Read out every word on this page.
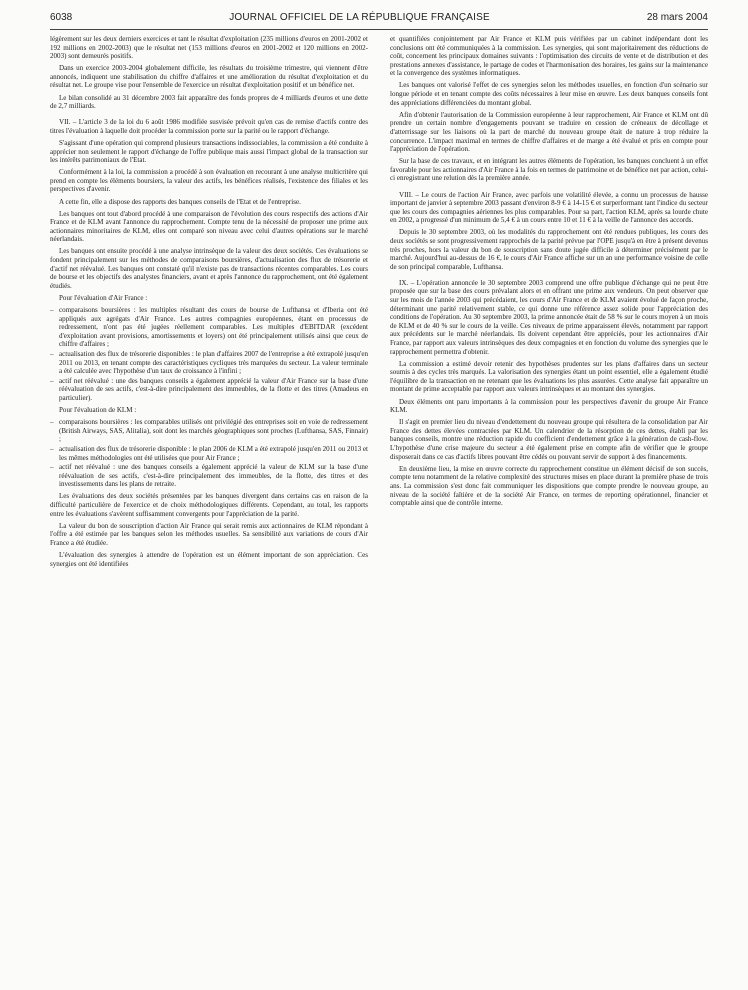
6038	JOURNAL OFFICIEL DE LA RÉPUBLIQUE FRANÇAISE	28 mars 2004

légèrement sur les deux derniers exercices et tant le résultat d'exploitation (235 millions d'euros en 2001-2002 et 192 millions en 2002-2003) que le résultat net (153 millions d'euros en 2001-2002 et 120 millions en 2002-2003) sont demeurés positifs.

Dans un exercice 2003-2004 globalement difficile, les résultats du troisième trimestre, qui viennent d'être annoncés, indiquent une stabilisation du chiffre d'affaires et une amélioration du résultat d'exploitation et du résultat net. Le groupe vise pour l'ensemble de l'exercice un résultat d'exploitation positif et un bénéfice net.

Le bilan consolidé au 31 décembre 2003 fait apparaître des fonds propres de 4 milliards d'euros et une dette de 2,7 milliards.

VII. – L'article 3 de la loi du 6 août 1986 modifiée susvisée prévoit qu'en cas de remise d'actifs contre des titres l'évaluation à laquelle doit procéder la commission porte sur la parité ou le rapport d'échange.

S'agissant d'une opération qui comprend plusieurs transactions indissociables, la commission a été conduite à apprécier non seulement le rapport d'échange de l'offre publique mais aussi l'impact global de la transaction sur les intérêts patrimoniaux de l'Etat.

Conformément à la loi, la commission a procédé à son évaluation en recourant à une analyse multicritère qui prend en compte les éléments boursiers, la valeur des actifs, les bénéfices réalisés, l'existence des filiales et les perspectives d'avenir.

A cette fin, elle a dispose des rapports des banques conseils de l'Etat et de l'entreprise.

Les banques ont tout d'abord procédé à une comparaison de l'évolution des cours respectifs des actions d'Air France et de KLM avant l'annonce du rapprochement. Compte tenu de la nécessité de proposer une prime aux actionnaires minoritaires de KLM, elles ont comparé son niveau avec celui d'autres opérations sur le marché néerlandais.

Les banques ont ensuite procédé à une analyse intrinsèque de la valeur des deux sociétés. Ces évaluations se fondent principalement sur les méthodes de comparaisons boursières, d'actualisation des flux de trésorerie et d'actif net réévalué. Les banques ont constaté qu'il n'existe pas de transactions récentes comparables. Les cours de bourse et les objectifs des analystes financiers, avant et après l'annonce du rapprochement, ont été également étudiés.

Pour l'évaluation d'Air France :

– comparaisons boursières : les multiples résultant des cours de bourse de Lufthansa et d'Iberia ont été appliqués aux agrégats d'Air France. Les autres compagnies européennes, étant en processus de redressement, n'ont pas été jugées réellement comparables. Les multiples d'EBITDAR (excédent d'exploitation avant provisions, amortissements et loyers) ont été principalement utilisés ainsi que ceux de chiffre d'affaires ;
– actualisation des flux de trésorerie disponibles : le plan d'affaires 2007 de l'entreprise a été extrapolé jusqu'en 2011 ou 2013, en tenant compte des caractéristiques cycliques très marquées du secteur. La valeur terminale a été calculée avec l'hypothèse d'un taux de croissance à l'infini ;
– actif net réévalué : une des banques conseils a également apprécié la valeur d'Air France sur la base d'une réévaluation de ses actifs, c'est-à-dire principalement des immeubles, de la flotte et des titres (Amadeus en particulier).

Pour l'évaluation de KLM :

– comparaisons boursières : les comparables utilisés ont privilégié des entreprises soit en voie de redressement (British Airways, SAS, Alitalia), soit dont les marchés géographiques sont proches (Lufthansa, SAS, Finnair) ;
– actualisation des flux de trésorerie disponible : le plan 2006 de KLM a été extrapolé jusqu'en 2011 ou 2013 et les mêmes méthodologies ont été utilisées que pour Air France ;
– actif net réévalué : une des banques conseils a également apprécié la valeur de KLM sur la base d'une réévaluation de ses actifs, c'est-à-dire principalement des immeubles, de la flotte, des titres et des investissements dans les plans de retraite.

Les évaluations des deux sociétés présentées par les banques divergent dans certains cas en raison de la difficulté particulière de l'exercice et de choix méthodologiques différents. Cependant, au total, les rapports entre les évaluations s'avèrent suffisamment convergents pour l'appréciation de la parité.

La valeur du bon de souscription d'action Air France qui serait remis aux actionnaires de KLM répondant à l'offre a été estimée par les banques selon les méthodes usuelles. Sa sensibilité aux variations de cours d'Air France a été étudiée.

L'évaluation des synergies à attendre de l'opération est un élément important de son appréciation. Ces synergies ont été identifiées

et quantifiées conjointement par Air France et KLM puis vérifiées par un cabinet indépendant dont les conclusions ont été communiquées à la commission. Les synergies, qui sont majoritairement des réductions de coût, concernent les principaux domaines suivants : l'optimisation des circuits de vente et de distribution et des prestations annexes d'assistance, le partage de codes et l'harmonisation des horaires, les gains sur la maintenance et la convergence des systèmes informatiques.

Les banques ont valorisé l'effet de ces synergies selon les méthodes usuelles, en fonction d'un scénario sur longue période et en tenant compte des coûts nécessaires à leur mise en œuvre. Les deux banques conseils font des appréciations différenciées du montant global.

Afin d'obtenir l'autorisation de la Commission européenne à leur rapprochement, Air France et KLM ont dû prendre un certain nombre d'engagements pouvant se traduire en cession de créneaux de décollage et d'atterrissage sur les liaisons où la part de marché du nouveau groupe était de nature à trop réduire la concurrence. L'impact maximal en termes de chiffre d'affaires et de marge a été évalué et pris en compte pour l'appréciation de l'opération.

Sur la base de ces travaux, et en intégrant les autres éléments de l'opération, les banques concluent à un effet favorable pour les actionnaires d'Air France à la fois en termes de patrimoine et de bénéfice net par action, celui-ci enregistrant une relution dès la première année.

VIII. – Le cours de l'action Air France, avec parfois une volatilité élevée, a connu un processus de hausse important de janvier à septembre 2003 passant d'environ 8-9 € à 14-15 € et surperformant tant l'indice du secteur que les cours des compagnies aériennes les plus comparables. Pour sa part, l'action KLM, après sa lourde chute en 2002, a progressé d'un minimum de 5,4 € à un cours entre 10 et 11 € à la veille de l'annonce des accords.

Depuis le 30 septembre 2003, où les modalités du rapprochement ont été rendues publiques, les cours des deux sociétés se sont progressivement rapprochés de la parité prévue par l'OPE jusqu'à en être à présent devenus très proches, hors la valeur du bon de souscription sans doute jugée difficile à déterminer précisément par le marché. Aujourd'hui au-dessus de 16 €, le cours d'Air France affiche sur un an une performance voisine de celle de son principal comparable, Lufthansa.

IX. – L'opération annoncée le 30 septembre 2003 comprend une offre publique d'échange qui ne peut être proposée que sur la base des cours prévalant alors et en offrant une prime aux vendeurs. On peut observer que sur les mois de l'année 2003 qui précédaient, les cours d'Air France et de KLM avaient évolué de façon proche, déterminant une parité relativement stable, ce qui donne une référence assez solide pour l'appréciation des conditions de l'opération. Au 30 septembre 2003, la prime annoncée était de 58 % sur le cours moyen à un mois de KLM et de 40 % sur le cours de la veille. Ces niveaux de prime apparaissent élevés, notamment par rapport aux précédents sur le marché néerlandais. Ils doivent cependant être appréciés, pour les actionnaires d'Air France, par rapport aux valeurs intrinsèques des deux compagnies et en fonction du volume des synergies que le rapprochement permettra d'obtenir.

La commission a estimé devoir retenir des hypothèses prudentes sur les plans d'affaires dans un secteur soumis à des cycles très marqués. La valorisation des synergies étant un point essentiel, elle a également étudié l'équilibre de la transaction en ne retenant que les évaluations les plus assurées. Cette analyse fait apparaître un montant de prime acceptable par rapport aux valeurs intrinsèques et au montant des synergies.

Deux éléments ont paru importants à la commission pour les perspectives d'avenir du groupe Air France KLM.

Il s'agit en premier lieu du niveau d'endettement du nouveau groupe qui résultera de la consolidation par Air France des dettes élevées contractées par KLM. Un calendrier de la résorption de ces dettes, établi par les banques conseils, montre une réduction rapide du coefficient d'endettement grâce à la génération de cash-flow. L'hypothèse d'une crise majeure du secteur a été également prise en compte afin de vérifier que le groupe disposerait dans ce cas d'actifs libres pouvant être cédés ou pouvant servir de support à des financements.

En deuxième lieu, la mise en œuvre correcte du rapprochement constitue un élément décisif de son succès, compte tenu notamment de la relative complexité des structures mises en place durant la première phase de trois ans. La commission s'est donc fait communiquer les dispositions que compte prendre le nouveau groupe, au niveau de la société faîtière et de la société Air France, en termes de reporting opérationnel, financier et comptable ainsi que de contrôle interne.
